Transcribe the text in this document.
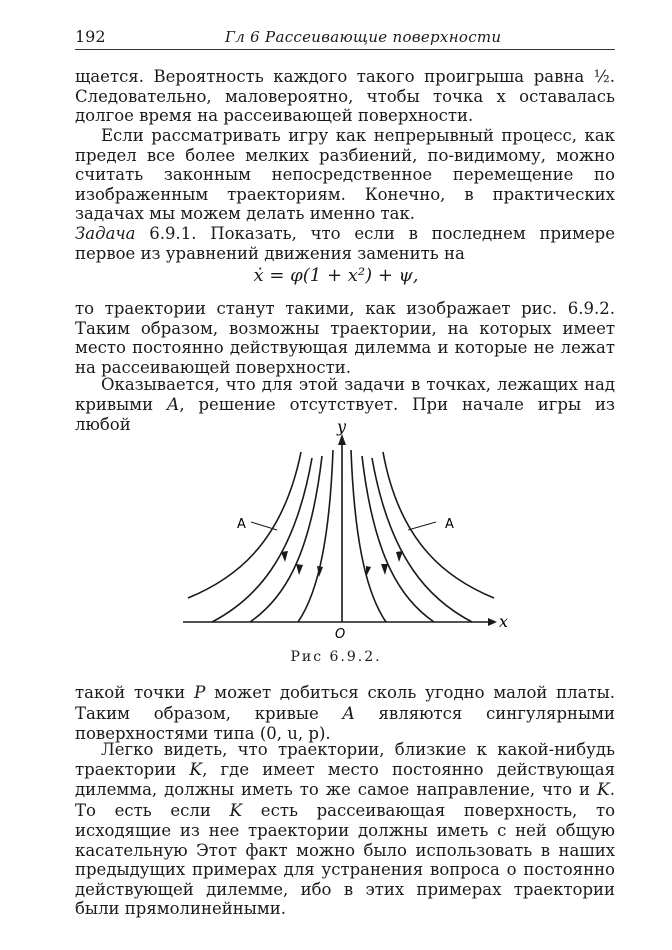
192	Гл 6 Рассеивающие поверхности

щается. Вероятность каждого такого проигрыша равна ½. Следовательно, маловероятно, чтобы точка x оставалась долгое время на рассеивающей поверхности.

Если рассматривать игру как непрерывный процесс, как предел все более мелких разбиений, по-видимому, можно считать законным непосредственное перемещение по изображенным траекториям. Конечно, в практических задачах мы можем делать именно так.

Задача 6.9.1. Показать, что если в последнем примере первое из уравнений движения заменить на

ẋ = φ(1 + x²) + ψ,

то траектории станут такими, как изображает рис. 6.9.2. Таким образом, возможны траектории, на которых имеет место постоянно действующая дилемма и которые не лежат на рассеивающей поверхности.

Оказывается, что для этой задачи в точках, лежащих над кривыми A, решение отсутствует. При начале игры из любой	y
x
O
A	A
Рис 6.9.2.

такой точки P может добиться сколь угодно малой платы. Таким образом, кривые A являются сингулярными поверхностями типа (0, u, p).

Легко видеть, что траектории, близкие к какой-нибудь траектории K, где имеет место постоянно действующая дилемма, должны иметь то же самое направление, что и K. То есть если K есть рассеивающая поверхность, то исходящие из нее траектории должны иметь с ней общую касательную Этот факт можно было использовать в наших предыдущих примерах для устранения вопроса о постоянно действующей дилемме, ибо в этих примерах траектории были прямолинейными.
